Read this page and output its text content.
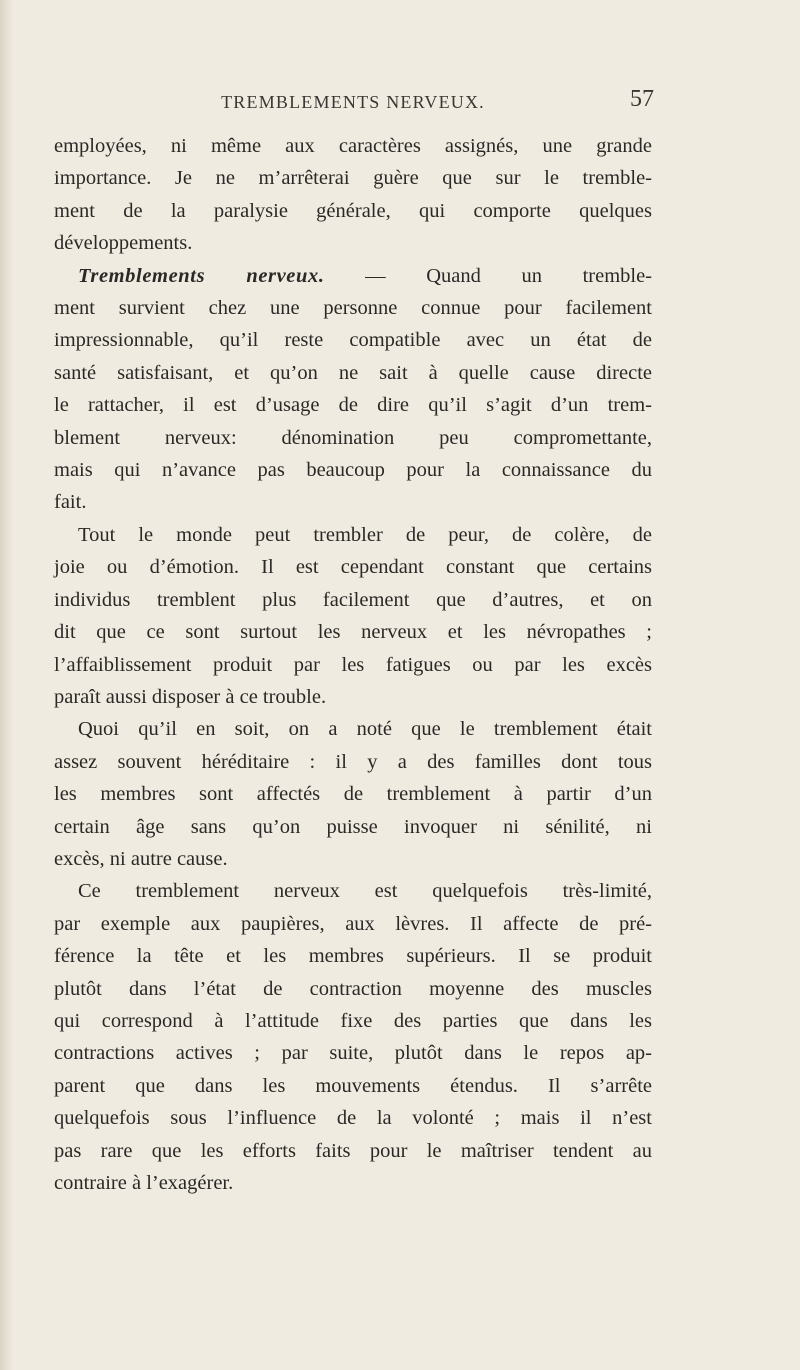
TREMBLEMENTS NERVEUX.	57
employées, ni même aux caractères assignés, une grande
importance. Je ne m’arrêterai guère que sur le tremble-
ment de la paralysie générale, qui comporte quelques
développements.
Tremblements nerveux. — Quand un tremble-
ment survient chez une personne connue pour facilement
impressionnable, qu’il reste compatible avec un état de
santé satisfaisant, et qu’on ne sait à quelle cause directe
le rattacher, il est d’usage de dire qu’il s’agit d’un trem-
blement nerveux: dénomination peu compromettante,
mais qui n’avance pas beaucoup pour la connaissance du
fait.
Tout le monde peut trembler de peur, de colère, de
joie ou d’émotion. Il est cependant constant que certains
individus tremblent plus facilement que d’autres, et on
dit que ce sont surtout les nerveux et les névropathes ;
l’affaiblissement produit par les fatigues ou par les excès
paraît aussi disposer à ce trouble.
Quoi qu’il en soit, on a noté que le tremblement était
assez souvent héréditaire : il y a des familles dont tous
les membres sont affectés de tremblement à partir d’un
certain âge sans qu’on puisse invoquer ni sénilité, ni
excès, ni autre cause.
Ce tremblement nerveux est quelquefois très-limité,
par exemple aux paupières, aux lèvres. Il affecte de pré-
férence la tête et les membres supérieurs. Il se produit
plutôt dans l’état de contraction moyenne des muscles
qui correspond à l’attitude fixe des parties que dans les
contractions actives ; par suite, plutôt dans le repos ap-
parent que dans les mouvements étendus. Il s’arrête
quelquefois sous l’influence de la volonté ; mais il n’est
pas rare que les efforts faits pour le maîtriser tendent au
contraire à l’exagérer.
